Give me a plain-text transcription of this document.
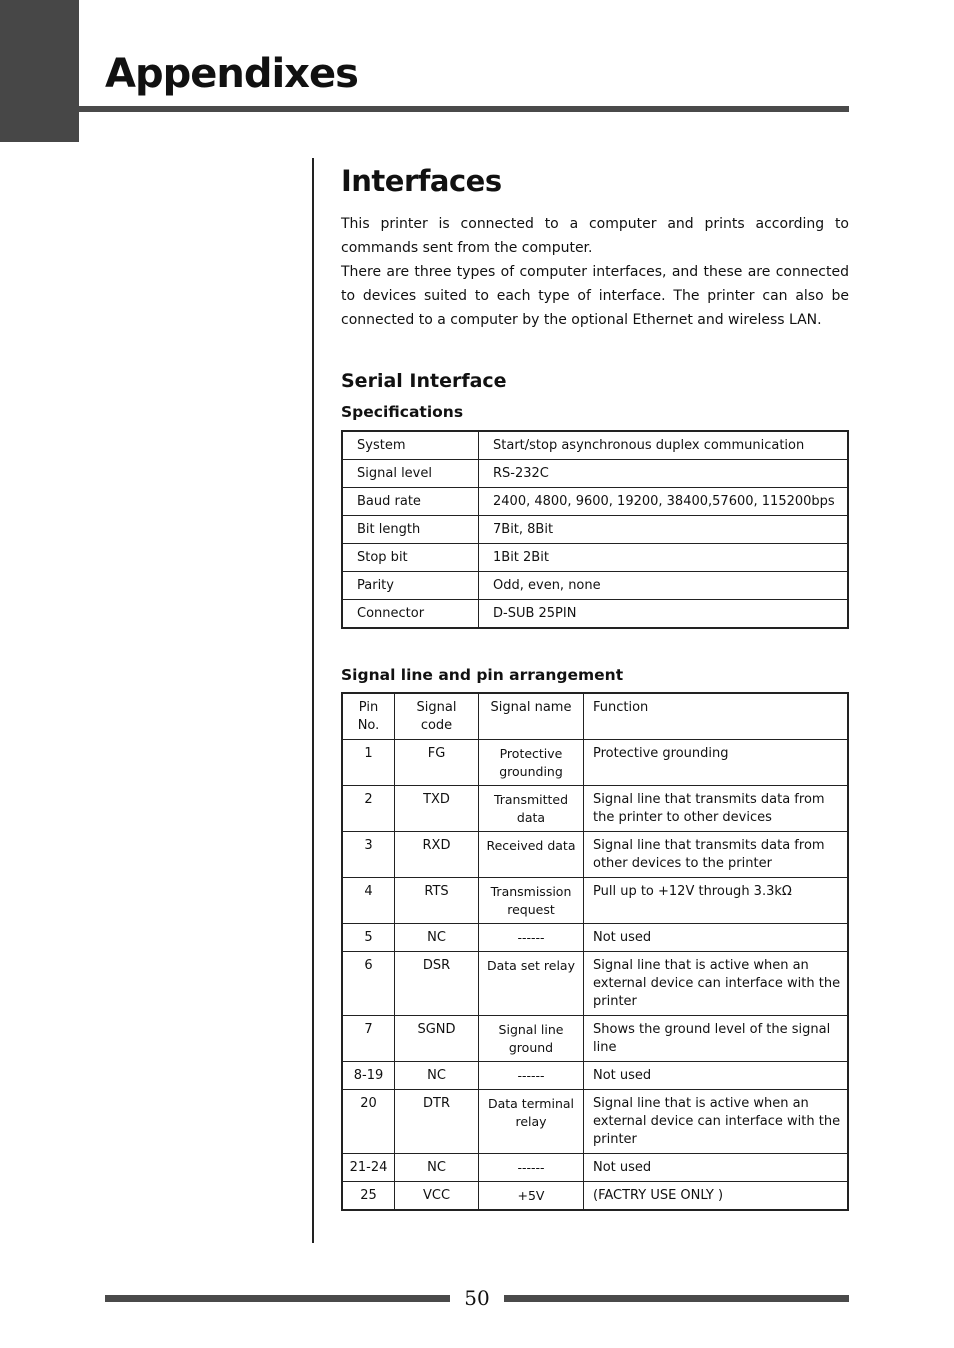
Appendixes
Interfaces

This printer is connected to a computer and prints according to commands sent from the computer.

There are three types of computer interfaces, and these are connected to devices suited to each type of interface. The printer can also be connected to a computer by the optional Ethernet and wireless LAN.

Serial Interface
Specifications
System	Start/stop asynchronous duplex communication
Signal level	RS-232C
Baud rate	2400, 4800, 9600, 19200, 38400,57600, 115200bps
Bit length	7Bit, 8Bit
Stop bit	1Bit 2Bit
Parity	Odd, even, none
Connector	D-SUB 25PIN
Signal line and pin arrangement
Pin No.	Signal code	Signal name	Function
1	FG	Protective grounding	Protective grounding
2	TXD	Transmitted data	Signal line that transmits data from the printer to other devices
3	RXD	Received data	Signal line that transmits data from other devices to the printer
4	RTS	Transmission request	Pull up to +12V through 3.3kΩ
5	NC	------	Not used
6	DSR	Data set relay	Signal line that is active when an external device can interface with the printer
7	SGND	Signal line ground	Shows the ground level of the signal line
8-19	NC	------	Not used
20	DTR	Data terminal relay	Signal line that is active when an external device can interface with the printer
21-24	NC	------	Not used
25	VCC	+5V	(FACTRY USE ONLY )
50
